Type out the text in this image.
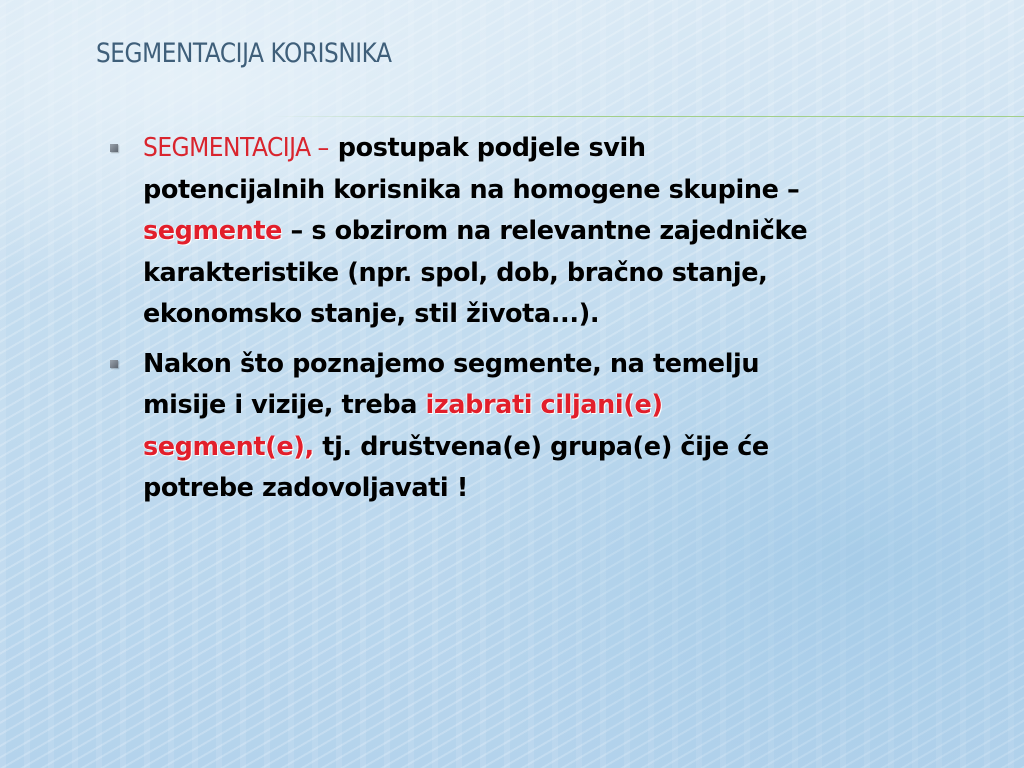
SEGMENTACIJA KORISNIKA
SEGMENTACIJA – postupak podjele svih potencijalnih korisnika na homogene skupine – segmente – s obzirom na relevantne zajedničke karakteristike (npr. spol, dob, bračno stanje, ekonomsko stanje, stil života...).
Nakon što poznajemo segmente, na temelju misije i vizije, treba izabrati ciljani(e) segment(e), tj. društvena(e) grupa(e) čije će potrebe zadovoljavati !
